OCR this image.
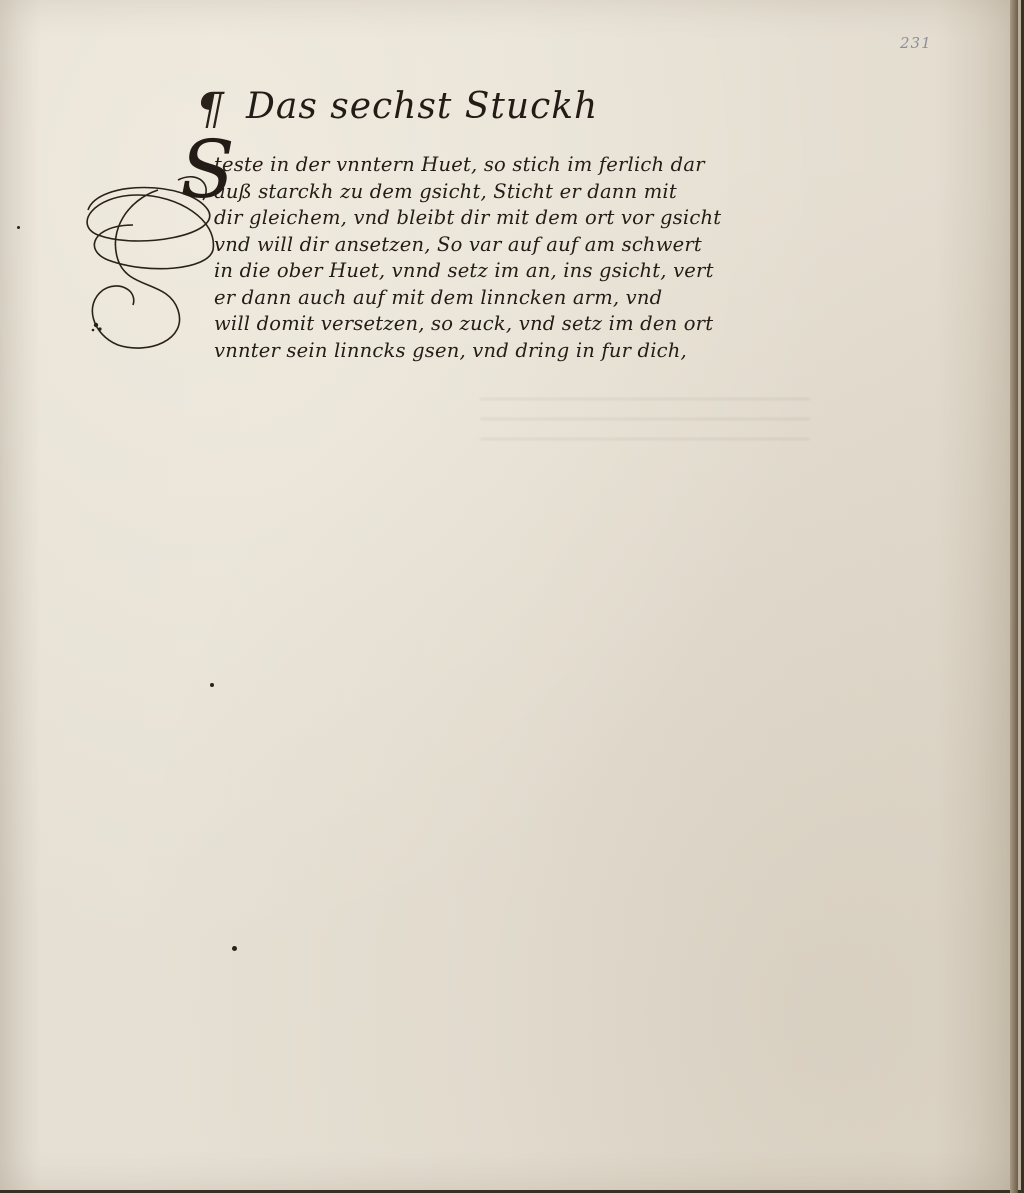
231
¶ Das sechst Stuckh
S
teste in der vnntern Huet, so stich im ferlich dar
auß starckh zu dem gsicht, Sticht er dann mit
dir gleichem, vnd bleibt dir mit dem ort vor gsicht
vnd will dir ansetzen, So var auf auf am schwert
in die ober Huet, vnnd setz im an, ins gsicht, vert
er dann auch auf mit dem linncken arm, vnd
will domit versetzen, so zuck, vnd setz im den ort
vnnter sein linncks gsen, vnd dring in fur dich,
